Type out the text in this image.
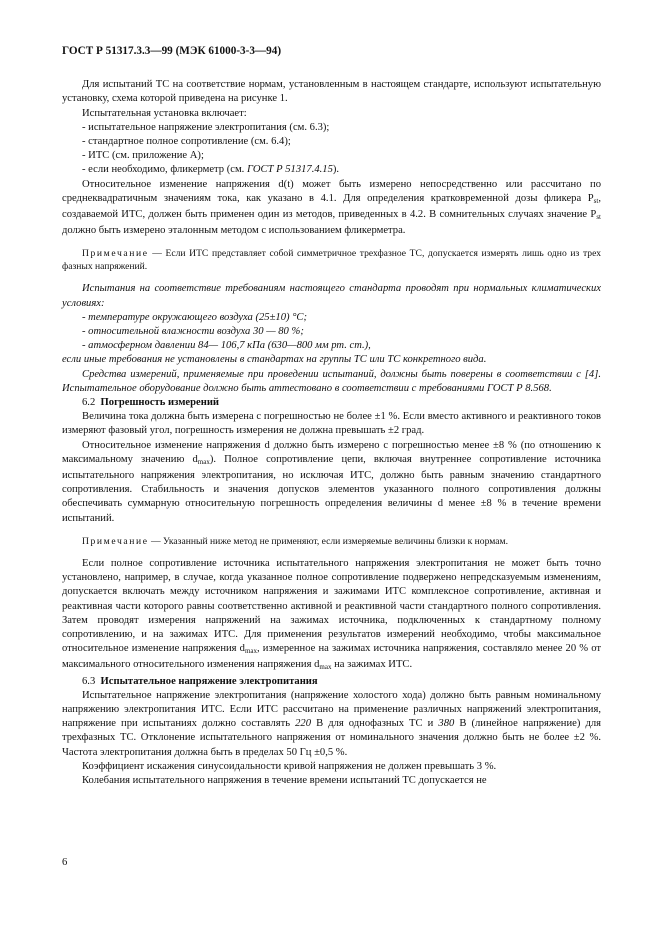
ГОСТ Р 51317.3.3—99 (МЭК 61000-3-3—94)

Для испытаний ТС на соответствие нормам, установленным в настоящем стандарте, используют испытательную установку, схема которой приведена на рисунке 1.

Испытательная установка включает:

- испытательное напряжение электропитания (см. 6.3);

- стандартное полное сопротивление (см. 6.4);

- ИТС (см. приложение А);

- если необходимо, фликерметр (см. ГОСТ Р 51317.4.15).

Относительное изменение напряжения d(t) может быть измерено непосредственно или рассчитано по среднеквадратичным значениям тока, как указано в 4.1. Для определения кратковременной дозы фликера $P_{st}$, создаваемой ИТС, должен быть применен один из методов, приведенных в 4.2. В сомнительных случаях значение $P_{st}$ должно быть измерено эталонным методом с использованием фликерметра.

Примечание — Если ИТС представляет собой симметричное трехфазное ТС, допускается измерять лишь одно из трех фазных напряжений.

Испытания на соответствие требованиям настоящего стандарта проводят при нормальных климатических условиях:

- температуре окружающего воздуха (25±10) °С;

- относительной влажности воздуха 30 — 80 %;

- атмосферном давлении 84— 106,7 кПа (630—800 мм рт. ст.),

если иные требования не установлены в стандартах на группы ТС или ТС конкретного вида.

Средства измерений, применяемые при проведении испытаний, должны быть поверены в соответствии с [4]. Испытательное оборудование должно быть аттестовано в соответствии с требованиями ГОСТ Р 8.568.

6.2 Погрешность измерений

Величина тока должна быть измерена с погрешностью не более ±1 %. Если вместо активного и реактивного токов измеряют фазовый угол, погрешность измерения не должна превышать ±2 град.

Относительное изменение напряжения d должно быть измерено с погрешностью менее ±8 % (по отношению к максимальному значению $d_{max}$). Полное сопротивление цепи, включая внутреннее сопротивление источника испытательного напряжения электропитания, но исключая ИТС, должно быть равным значению стандартного сопротивления. Стабильность и значения допусков элементов указанного полного сопротивления должны обеспечивать суммарную относительную погрешность определения величины d менее ±8 % в течение времени испытаний.

Примечание — Указанный ниже метод не применяют, если измеряемые величины близки к нормам.

Если полное сопротивление источника испытательного напряжения электропитания не может быть точно установлено, например, в случае, когда указанное полное сопротивление подвержено непредсказуемым изменениям, допускается включать между источником напряжения и зажимами ИТС комплексное сопротивление, активная и реактивная части которого равны соответственно активной и реактивной части стандартного полного сопротивления. Затем проводят измерения напряжений на зажимах источника, подключенных к стандартному полному сопротивлению, и на зажимах ИТС. Для применения результатов измерений необходимо, чтобы максимальное относительное изменение напряжения $d_{max}$, измеренное на зажимах источника напряжения, составляло менее 20 % от максимального относительного изменения напряжения $d_{max}$ на зажимах ИТС.

6.3 Испытательное напряжение электропитания

Испытательное напряжение электропитания (напряжение холостого хода) должно быть равным номинальному напряжению электропитания ИТС. Если ИТС рассчитано на применение различных напряжений электропитания, напряжение при испытаниях должно составлять 220 В для однофазных ТС и 380 В (линейное напряжение) для трехфазных ТС. Отклонение испытательного напряжения от номинального значения должно быть не более ±2 %. Частота электропитания должна быть в пределах 50 Гц ±0,5 %.

Коэффициент искажения синусоидальности кривой напряжения не должен превышать 3 %.

Колебания испытательного напряжения в течение времени испытаний ТС допускается не

6
